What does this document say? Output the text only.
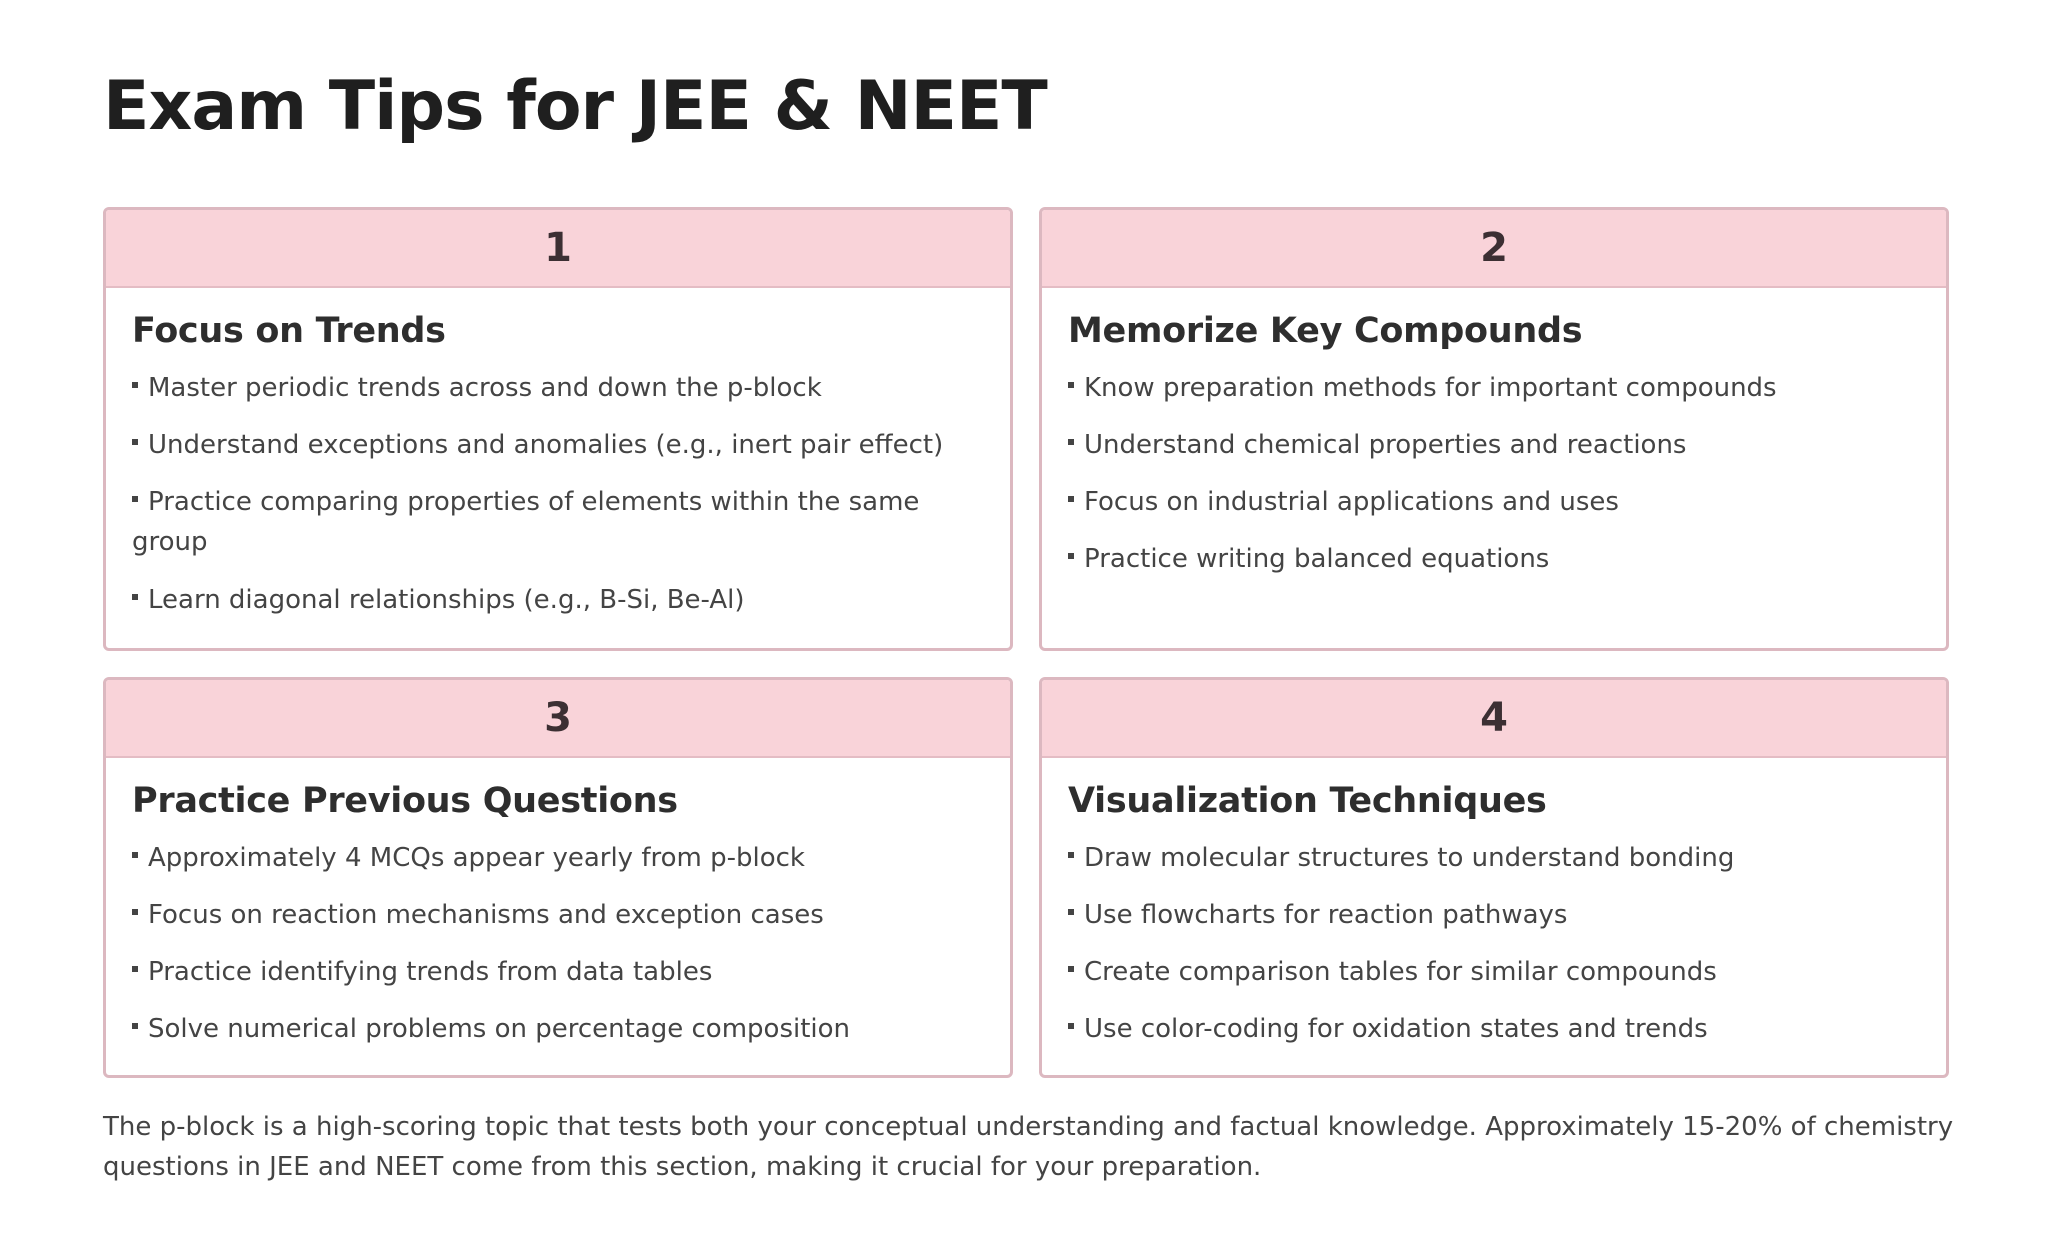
Exam Tips for JEE & NEET
1
Focus on Trends
Master periodic trends across and down the p-block
Understand exceptions and anomalies (e.g., inert pair effect)
Practice comparing properties of elements within the same group
Learn diagonal relationships (e.g., B-Si, Be-Al)
2
Memorize Key Compounds
Know preparation methods for important compounds
Understand chemical properties and reactions
Focus on industrial applications and uses
Practice writing balanced equations
3
Practice Previous Questions
Approximately 4 MCQs appear yearly from p-block
Focus on reaction mechanisms and exception cases
Practice identifying trends from data tables
Solve numerical problems on percentage composition
4
Visualization Techniques
Draw molecular structures to understand bonding
Use flowcharts for reaction pathways
Create comparison tables for similar compounds
Use color-coding for oxidation states and trends

The p-block is a high-scoring topic that tests both your conceptual understanding and factual knowledge. Approximately 15-20% of chemistry questions in JEE and NEET come from this section, making it crucial for your preparation.
